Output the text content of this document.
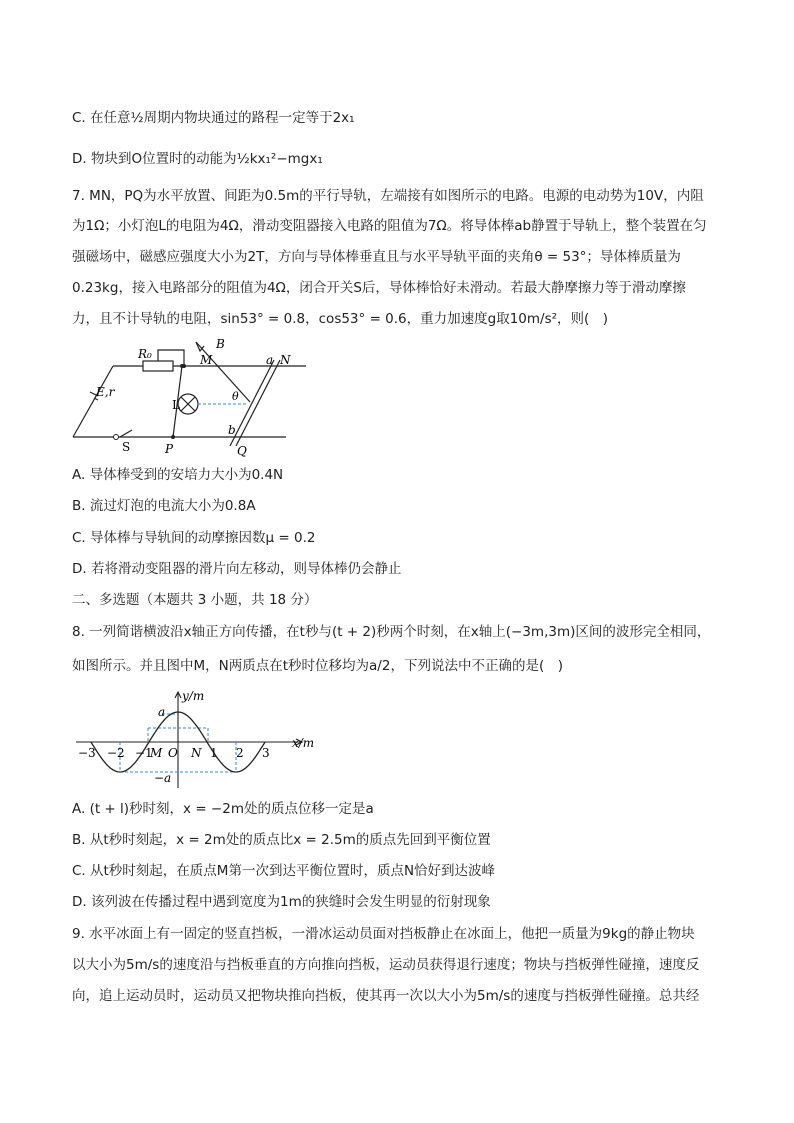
C. 在任意½周期内物块通过的路程一定等于2x₁
D. 物块到O位置时的动能为½kx₁²−mgx₁
7. MN，PQ为水平放置、间距为0.5m的平行导轨，左端接有如图所示的电路。电源的电动势为10V，内阻
为1Ω；小灯泡L的电阻为4Ω，滑动变阻器接入电路的阻值为7Ω。将导体棒ab静置于导轨上，整个装置在匀
强磁场中，磁感应强度大小为2T，方向与导体棒垂直且与水平导轨平面的夹角θ = 53°；导体棒质量为
0.23kg，接入电路部分的阻值为4Ω，闭合开关S后，导体棒恰好未滑动。若最大静摩擦力等于滑动摩擦
力，且不计导轨的电阻，sin53° = 0.8，cos53° = 0.6，重力加速度g取10m/s²，则(　)
R₀	M	a N
B
L
θ
E,r
b
S	P	Q
A. 导体棒受到的安培力大小为0.4N
B. 流过灯泡的电流大小为0.8A
C. 导体棒与导轨间的动摩擦因数μ = 0.2
D. 若将滑动变阻器的滑片向左移动，则导体棒仍会静止
二、多选题（本题共 3 小题，共 18 分）
8. 一列简谐横波沿x轴正方向传播，在t秒与(t + 2)秒两个时刻，在x轴上(−3m,3m)区间的波形完全相同，
如图所示。并且图中M，N两质点在t秒时位移均为a/2，下列说法中不正确的是(　)
y/m
x/m
a
−a
−3 −2 −1
M O N 1 2 3
A. (t + l)秒时刻，x = −2m处的质点位移一定是a
B. 从t秒时刻起，x = 2m处的质点比x = 2.5m的质点先回到平衡位置
C. 从t秒时刻起，在质点M第一次到达平衡位置时，质点N恰好到达波峰
D. 该列波在传播过程中遇到宽度为1m的狭缝时会发生明显的衍射现象
9. 水平冰面上有一固定的竖直挡板，一滑冰运动员面对挡板静止在冰面上，他把一质量为9kg的静止物块
以大小为5m/s的速度沿与挡板垂直的方向推向挡板，运动员获得退行速度；物块与挡板弹性碰撞，速度反
向，追上运动员时，运动员又把物块推向挡板，使其再一次以大小为5m/s的速度与挡板弹性碰撞。总共经
